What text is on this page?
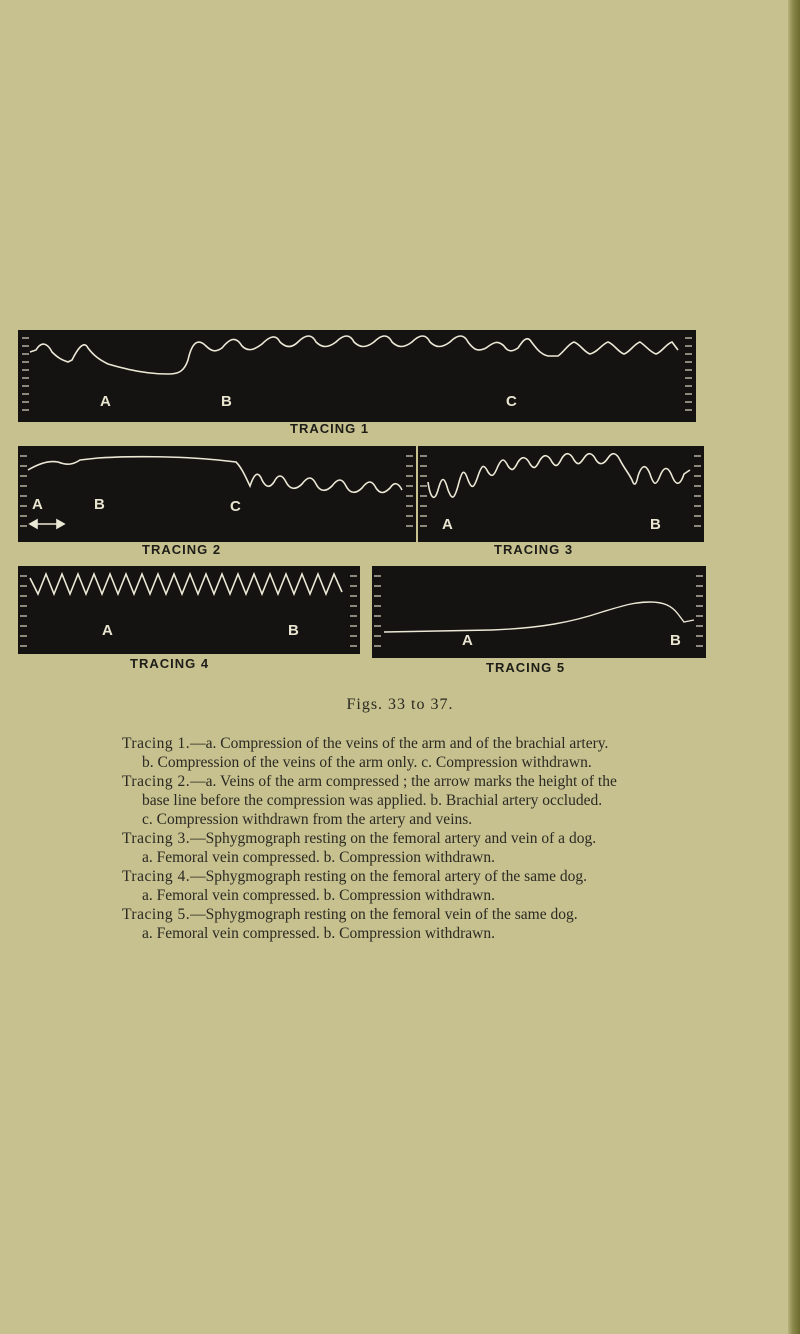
A	B	C
TRACING 1
A	B	C
TRACING 2
A	B
TRACING 3
A	B
TRACING 4
A	B
TRACING 5
Figs. 33 to 37.

Tracing 1.—a. Compression of the veins of the arm and of the brachial artery.
b. Compression of the veins of the arm only. c. Compression withdrawn.

Tracing 2.—a. Veins of the arm compressed ; the arrow marks the height of the
base line before the compression was applied. b. Brachial artery occluded.
c. Compression withdrawn from the artery and veins.

Tracing 3.—Sphygmograph resting on the femoral artery and vein of a dog.
a. Femoral vein compressed. b. Compression withdrawn.

Tracing 4.—Sphygmograph resting on the femoral artery of the same dog.
a. Femoral vein compressed. b. Compression withdrawn.

Tracing 5.—Sphygmograph resting on the femoral vein of the same dog.
a. Femoral vein compressed. b. Compression withdrawn.
